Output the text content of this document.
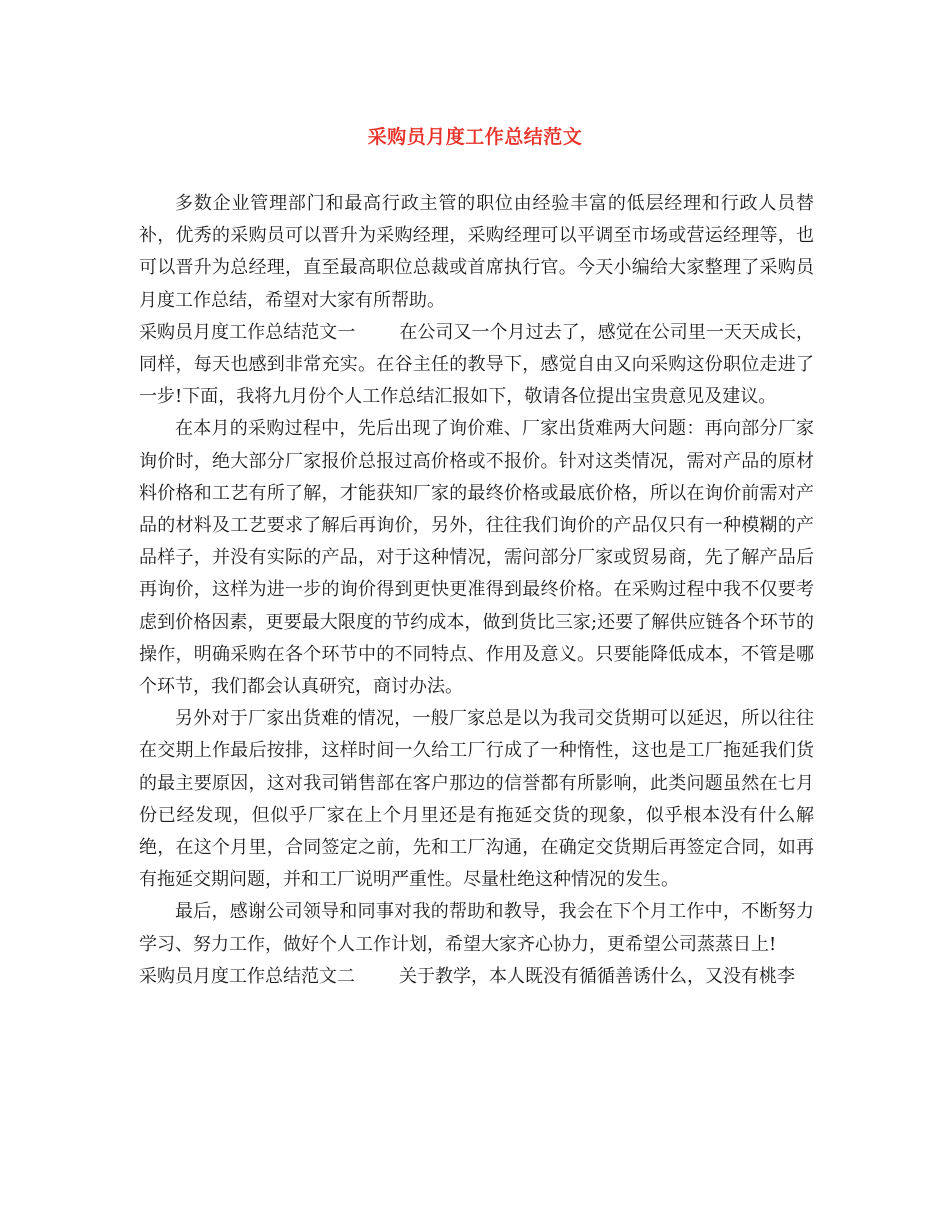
采购员月度工作总结范文

多数企业管理部门和最高行政主管的职位由经验丰富的低层经理和行政人员替补，优秀的采购员可以晋升为采购经理，采购经理可以平调至市场或营运经理等，也可以晋升为总经理，直至最高职位总裁或首席执行官。今天小编给大家整理了采购员月度工作总结，希望对大家有所帮助。

采购员月度工作总结范文一 在公司又一个月过去了，感觉在公司里一天天成长，同样，每天也感到非常充实。在谷主任的教导下，感觉自由又向采购这份职位走进了一步!下面，我将九月份个人工作总结汇报如下，敬请各位提出宝贵意见及建议。

在本月的采购过程中，先后出现了询价难、厂家出货难两大问题：再向部分厂家询价时，绝大部分厂家报价总报过高价格或不报价。针对这类情况，需对产品的原材料价格和工艺有所了解，才能获知厂家的最终价格或最底价格，所以在询价前需对产品的材料及工艺要求了解后再询价，另外，往往我们询价的产品仅只有一种模糊的产品样子，并没有实际的产品，对于这种情况，需问部分厂家或贸易商，先了解产品后再询价，这样为进一步的询价得到更快更准得到最终价格。在采购过程中我不仅要考虑到价格因素，更要最大限度的节约成本，做到货比三家;还要了解供应链各个环节的操作，明确采购在各个环节中的不同特点、作用及意义。只要能降低成本，不管是哪个环节，我们都会认真研究，商讨办法。

另外对于厂家出货难的情况，一般厂家总是以为我司交货期可以延迟，所以往往在交期上作最后按排，这样时间一久给工厂行成了一种惰性，这也是工厂拖延我们货的最主要原因，这对我司销售部在客户那边的信誉都有所影响，此类问题虽然在七月份已经发现，但似乎厂家在上个月里还是有拖延交货的现象，似乎根本没有什么解绝，在这个月里，合同签定之前，先和工厂沟通，在确定交货期后再签定合同，如再有拖延交期问题，并和工厂说明严重性。尽量杜绝这种情况的发生。

最后，感谢公司领导和同事对我的帮助和教导，我会在下个月工作中，不断努力学习、努力工作，做好个人工作计划，希望大家齐心协力，更希望公司蒸蒸日上!

采购员月度工作总结范文二 关于教学，本人既没有循循善诱什么，又没有桃李
